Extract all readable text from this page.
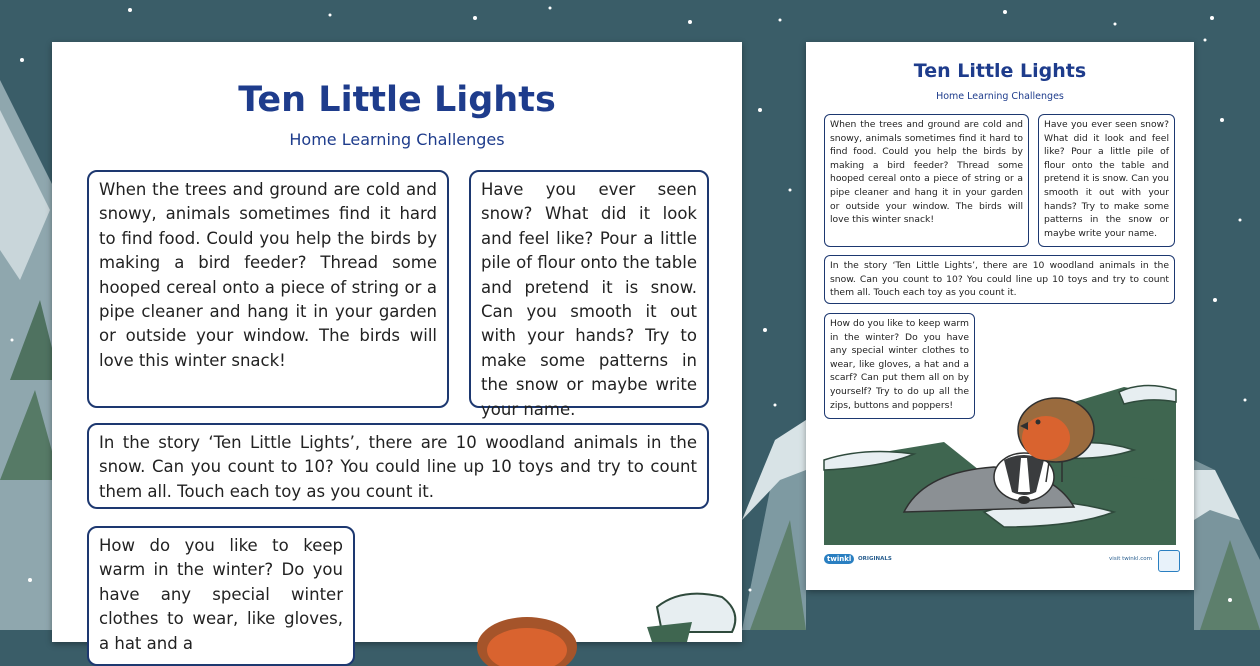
Ten Little Lights
Home Learning Challenges
When the trees and ground are cold and snowy, animals sometimes find it hard to find food. Could you help the birds by making a bird feeder? Thread some hooped cereal onto a piece of string or a pipe cleaner and hang it in your garden or outside your window. The birds will love this winter snack!
Have you ever seen snow? What did it look and feel like? Pour a little pile of flour onto the table and pretend it is snow. Can you smooth it out with your hands? Try to make some patterns in the snow or maybe write your name.
In the story ‘Ten Little Lights’, there are 10 woodland animals in the snow. Can you count to 10? You could line up 10 toys and try to count them all. Touch each toy as you count it.
How do you like to keep warm in the winter? Do you have any special winter clothes to wear, like gloves, a hat and a
Ten Little Lights
Home Learning Challenges
When the trees and ground are cold and snowy, animals sometimes find it hard to find food. Could you help the birds by making a bird feeder? Thread some hooped cereal onto a piece of string or a pipe cleaner and hang it in your garden or outside your window. The birds will love this winter snack!
Have you ever seen snow? What did it look and feel like? Pour a little pile of flour onto the table and pretend it is snow. Can you smooth it out with your hands? Try to make some patterns in the snow or maybe write your name.
In the story ‘Ten Little Lights’, there are 10 woodland animals in the snow. Can you count to 10? You could line up 10 toys and try to count them all. Touch each toy as you count it.
How do you like to keep warm in the winter? Do you have any special winter clothes to wear, like gloves, a hat and a scarf? Can put them all on by yourself? Try to do up all the zips, buttons and poppers!
twinkl	ORIGINALS	visit twinkl.com
